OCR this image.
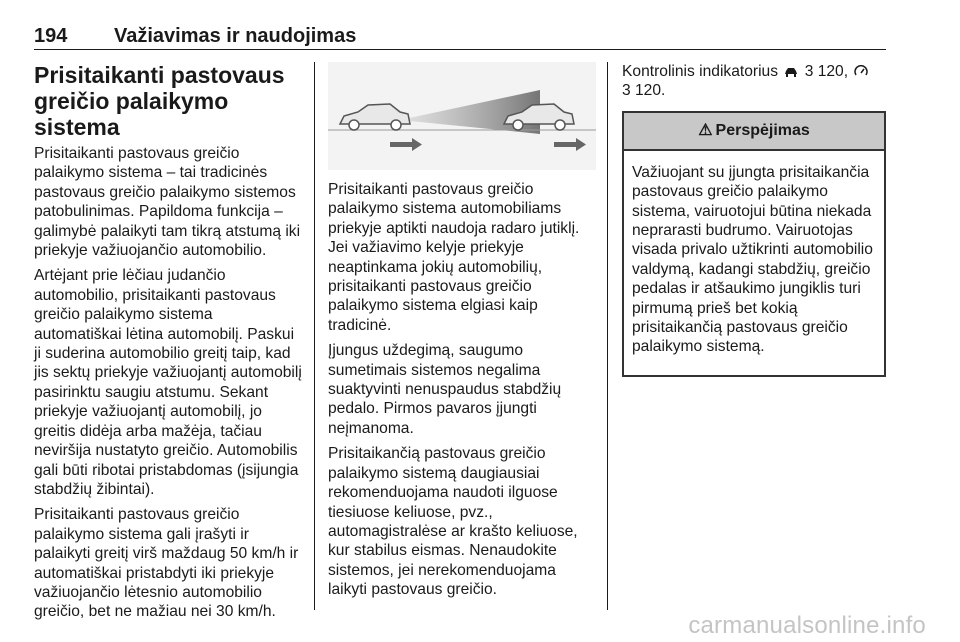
194 Važiavimas ir naudojimas
Prisitaikanti pastovaus greičio palaikymo sistema

Prisitaikanti pastovaus greičio palaikymo sistema – tai tradicinės pastovaus greičio palaikymo sistemos patobulinimas. Papildoma funkcija – galimybė palaikyti tam tikrą atstumą iki priekyje važiuojančio automobilio.

Artėjant prie lėčiau judančio automobilio, prisitaikanti pastovaus greičio palaikymo sistema automatiškai lėtina automobilį. Paskui ji suderina automobilio greitį taip, kad jis sektų priekyje važiuojantį automobilį pasirinktu saugiu atstumu. Sekant priekyje važiuojantį automobilį, jo greitis didėja arba mažėja, tačiau neviršija nustatyto greičio. Automobilis gali būti ribotai pristabdomas (įsijungia stabdžių žibintai).

Prisitaikanti pastovaus greičio palaikymo sistema gali įrašyti ir palaikyti greitį virš maždaug 50 km/h ir automatiškai pristabdyti iki priekyje važiuojančio lėtesnio automobilio greičio, bet ne mažiau nei 30 km/h.

Prisitaikanti pastovaus greičio palaikymo sistema automobiliams priekyje aptikti naudoja radaro jutiklį. Jei važiavimo kelyje priekyje neaptinkama jokių automobilių, prisitaikanti pastovaus greičio palaikymo sistema elgiasi kaip tradicinė.

Įjungus uždegimą, saugumo sumetimais sistemos negalima suaktyvinti nenuspaudus stabdžių pedalo. Pirmos pavaros įjungti neįmanoma.

Prisitaikančią pastovaus greičio palaikymo sistemą daugiausiai rekomenduojama naudoti ilguose tiesiuose keliuose, pvz., automagistralėse ar krašto keliuose, kur stabilus eismas. Nenaudokite sistemos, jei nerekomenduojama laikyti pastovaus greičio.

Kontrolinis indikatorius 3 120,
3 120.

⚠ Perspėjimas
Važiuojant su įjungta prisitaikančia pastovaus greičio palaikymo sistema, vairuotojui būtina niekada neprarasti budrumo. Vairuotojas visada privalo užtikrinti automobilio valdymą, kadangi stabdžių, greičio pedalas ir atšaukimo jungiklis turi pirmumą prieš bet kokią prisitaikančią pastovaus greičio palaikymo sistemą.
carmanualsonline.info
